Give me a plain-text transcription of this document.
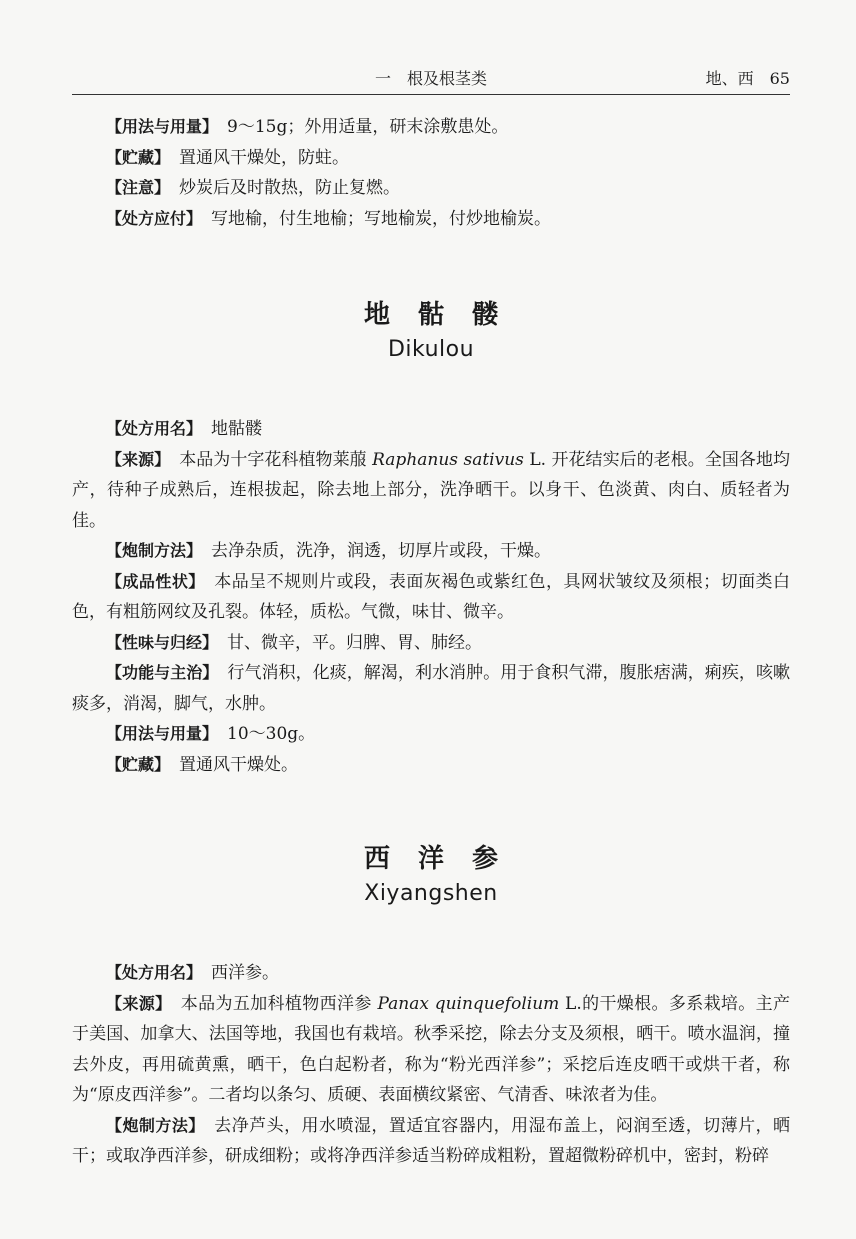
一　根及根茎类	地、西　65

【用法与用量】　9～15g；外用适量，研末涂敷患处。

【贮藏】　置通风干燥处，防蛀。

【注意】　炒炭后及时散热，防止复燃。

【处方应付】　写地榆，付生地榆；写地榆炭，付炒地榆炭。

地骷髅
Dikulou

【处方用名】　地骷髅

【来源】　本品为十字花科植物莱菔 Raphanus sativus L. 开花结实后的老根。全国各地均产，待种子成熟后，连根拔起，除去地上部分，洗净晒干。以身干、色淡黄、肉白、质轻者为佳。

【炮制方法】　去净杂质，洗净，润透，切厚片或段，干燥。

【成品性状】　本品呈不规则片或段，表面灰褐色或紫红色，具网状皱纹及须根；切面类白色，有粗筋网纹及孔裂。体轻，质松。气微，味甘、微辛。

【性味与归经】　甘、微辛，平。归脾、胃、肺经。

【功能与主治】　行气消积，化痰，解渴，利水消肿。用于食积气滞，腹胀痞满，痢疾，咳嗽痰多，消渴，脚气，水肿。

【用法与用量】　10～30g。

【贮藏】　置通风干燥处。

西洋参
Xiyangshen

【处方用名】　西洋参。

【来源】　本品为五加科植物西洋参 Panax quinquefolium L.的干燥根。多系栽培。主产于美国、加拿大、法国等地，我国也有栽培。秋季采挖，除去分支及须根，晒干。喷水温润，撞去外皮，再用硫黄熏，晒干，色白起粉者，称为“粉光西洋参”；采挖后连皮晒干或烘干者，称为“原皮西洋参”。二者均以条匀、质硬、表面横纹紧密、气清香、味浓者为佳。

【炮制方法】　去净芦头，用水喷湿，置适宜容器内，用湿布盖上，闷润至透，切薄片，晒干；或取净西洋参，研成细粉；或将净西洋参适当粉碎成粗粉，置超微粉碎机中，密封，粉碎
